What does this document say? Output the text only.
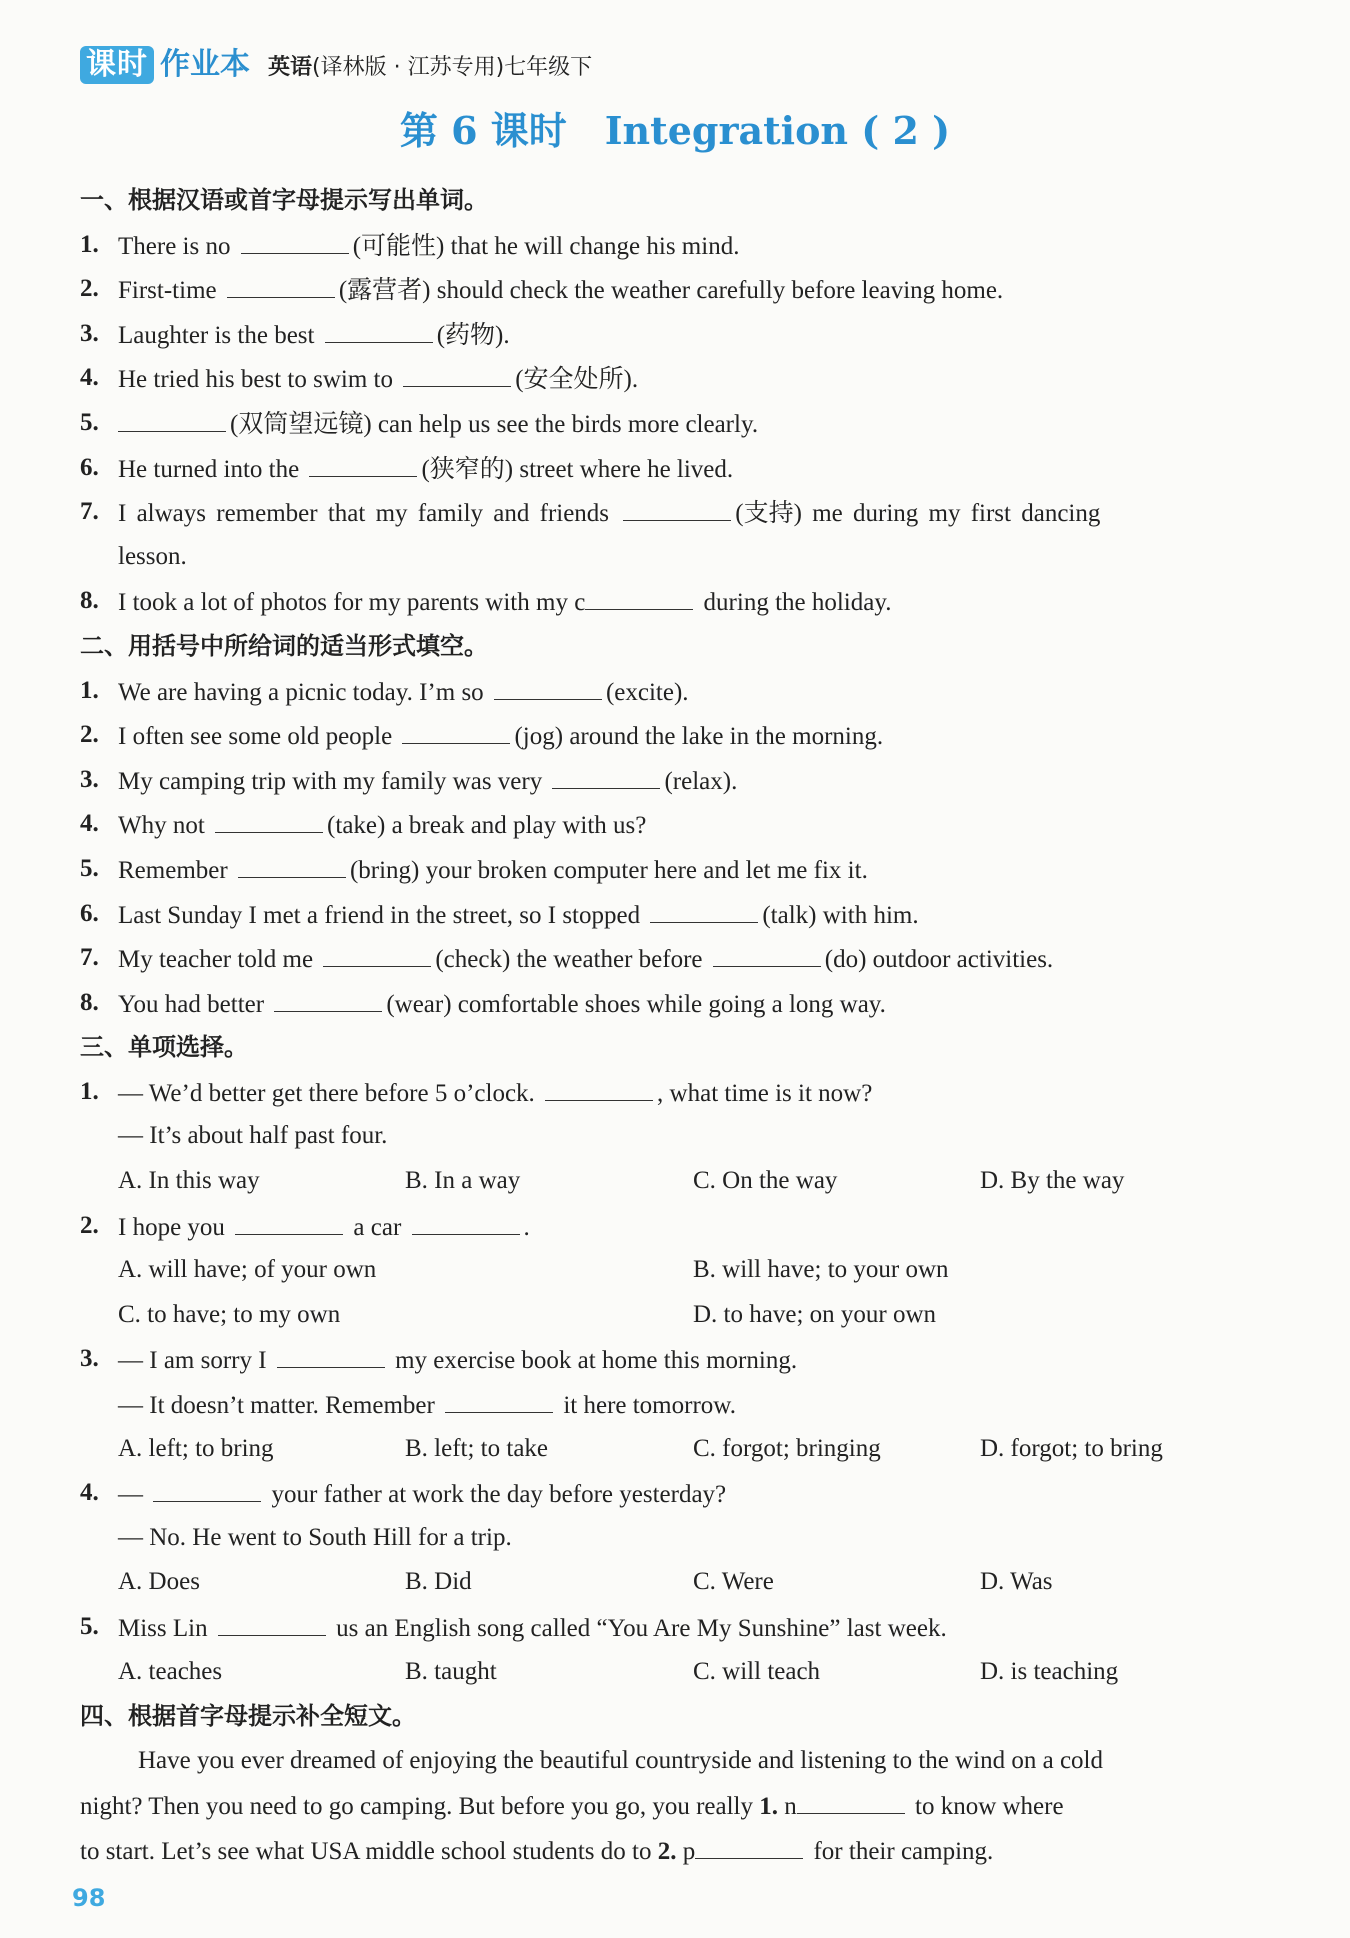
课时 作业本 英语(译林版 · 江苏专用)七年级下
第 6 课时　Integration ( 2 )
一、根据汉语或首字母提示写出单词。
1. There is no	(可能性) that he will change his mind.
2. First-time	(露营者) should check the weather carefully before leaving home.
3. Laughter is the best	(药物).
4. He tried his best to swim to	(安全处所).
5.	(双筒望远镜) can help us see the birds more clearly.
6. He turned into the	(狭窄的) street where he lived.
7. I always remember that my family and friends	(支持) me during my first dancing
lesson.
8. I took a lot of photos for my parents with my c	during the holiday.
二、用括号中所给词的适当形式填空。
1. We are having a picnic today. I’m so	(excite).
2. I often see some old people	(jog) around the lake in the morning.
3. My camping trip with my family was very	(relax).
4. Why not	(take) a break and play with us?
5. Remember	(bring) your broken computer here and let me fix it.
6. Last Sunday I met a friend in the street, so I stopped	(talk) with him.
7. My teacher told me	(check) the weather before	(do) outdoor activities.
8. You had better	(wear) comfortable shoes while going a long way.
三、单项选择。
1. — We’d better get there before 5 o’clock.	, what time is it now?
— It’s about half past four.
A. In this way	B. In a way	C. On the way	D. By the way
2. I hope you	a car	.
A. will have; of your own	B. will have; to your own
C. to have; to my own	D. to have; on your own
3. — I am sorry I	my exercise book at home this morning.
— It doesn’t matter. Remember	it here tomorrow.
A. left; to bring	B. left; to take	C. forgot; bringing	D. forgot; to bring
4. —	your father at work the day before yesterday?
— No. He went to South Hill for a trip.
A. Does	B. Did	C. Were	D. Was
5. Miss Lin	us an English song called “You Are My Sunshine” last week.
A. teaches	B. taught	C. will teach	D. is teaching
四、根据首字母提示补全短文。
Have you ever dreamed of enjoying the beautiful countryside and listening to the wind on a cold
night? Then you need to go camping. But before you go, you really 1. n	to know where
to start. Let’s see what USA middle school students do to 2. p	for their camping.
98
